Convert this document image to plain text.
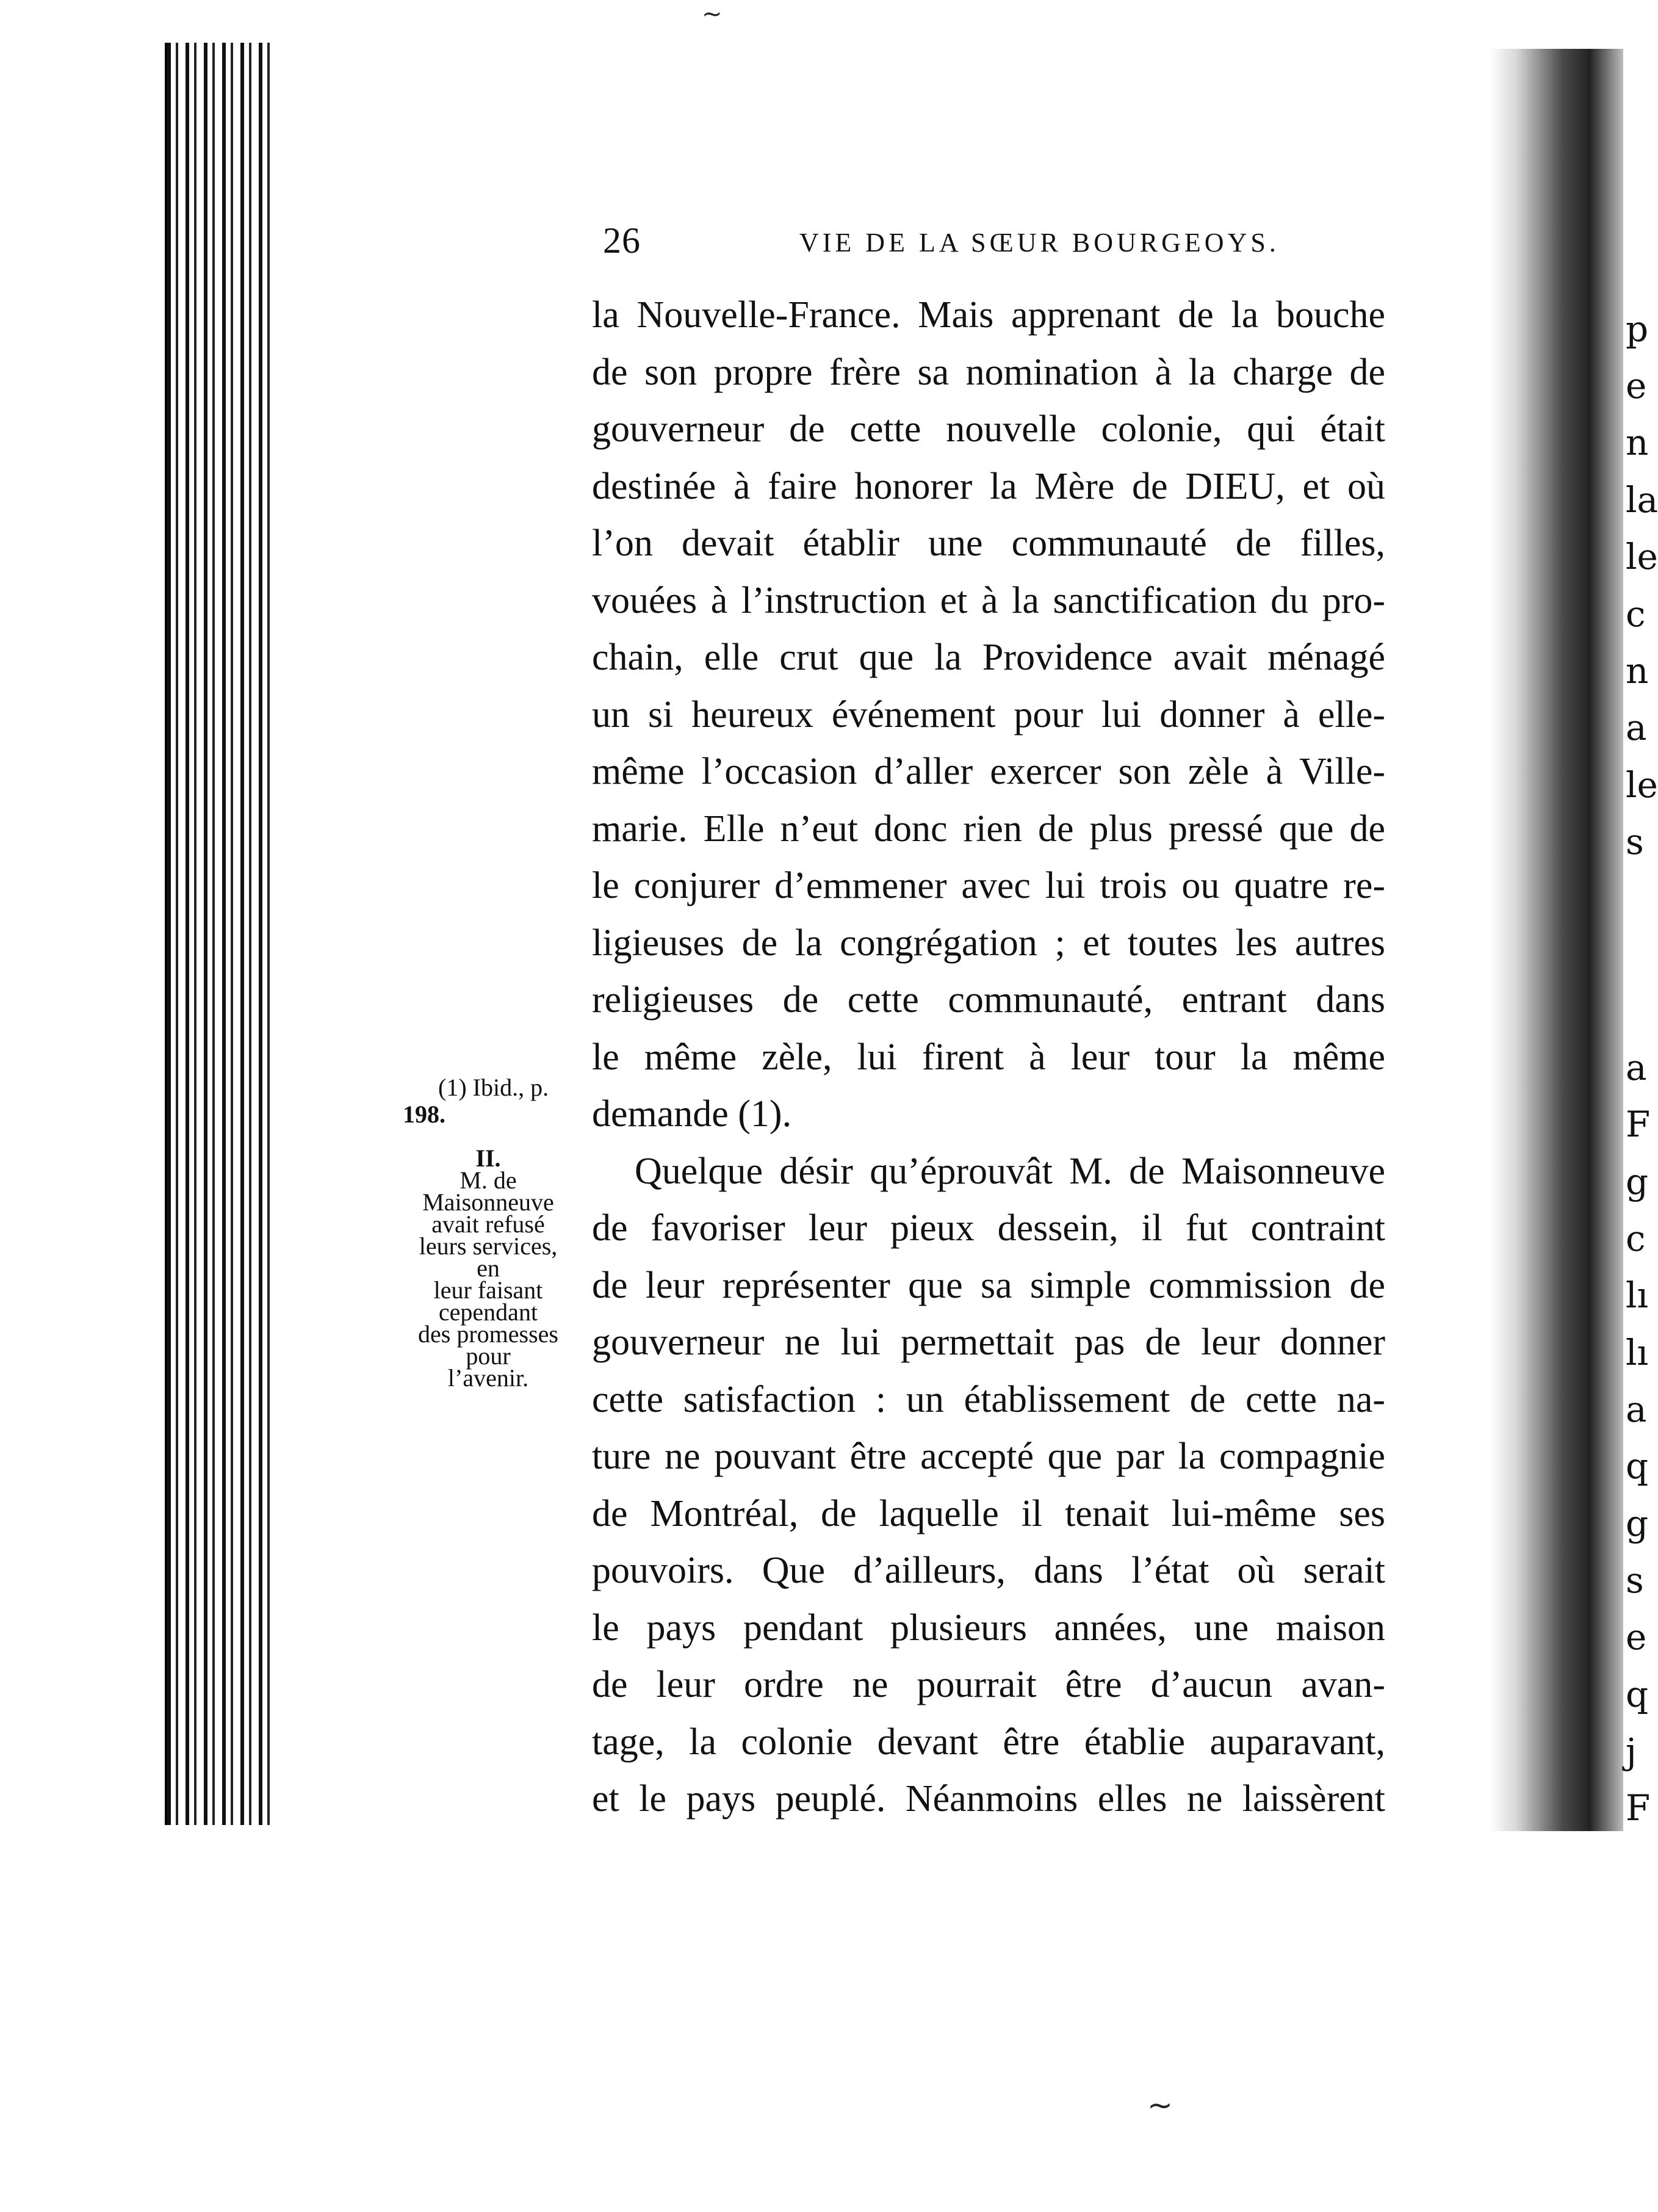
p
e
n
la
le
c
n
a
le
s
a
F
g
c
lı
lı
a
q
g
s
e
q
j
F
26	VIE DE LA SŒUR BOURGEOYS.
la Nouvelle-France. Mais apprenant de la bouche
de son propre frère sa nomination à la charge de
gouverneur de cette nouvelle colonie, qui était
destinée à faire honorer la Mère de DIEU, et où
l’on devait établir une communauté de filles,
vouées à l’instruction et à la sanctification du pro-
chain, elle crut que la Providence avait ménagé
un si heureux événement pour lui donner à elle-
même l’occasion d’aller exercer son zèle à Ville-
marie. Elle n’eut donc rien de plus pressé que de
le conjurer d’emmener avec lui trois ou quatre re-
ligieuses de la congrégation ; et toutes les autres
religieuses de cette communauté, entrant dans
le même zèle, lui firent à leur tour la même
demande (1).
Quelque désir qu’éprouvât M. de Maisonneuve
de favoriser leur pieux dessein, il fut contraint
de leur représenter que sa simple commission de
gouverneur ne lui permettait pas de leur donner
cette satisfaction : un établissement de cette na-
ture ne pouvant être accepté que par la compagnie
de Montréal, de laquelle il tenait lui-même ses
pouvoirs. Que d’ailleurs, dans l’état où serait
le pays pendant plusieurs années, une maison
de leur ordre ne pourrait être d’aucun avan-
tage, la colonie devant être établie auparavant,
et le pays peuplé. Néanmoins elles ne laissèrent
(1) Ibid., p.
198.
II.
M. de
Maisonneuve
avait refusé
leurs services,
en
leur faisant
cependant
des promesses
pour
l’avenir.
~
~
